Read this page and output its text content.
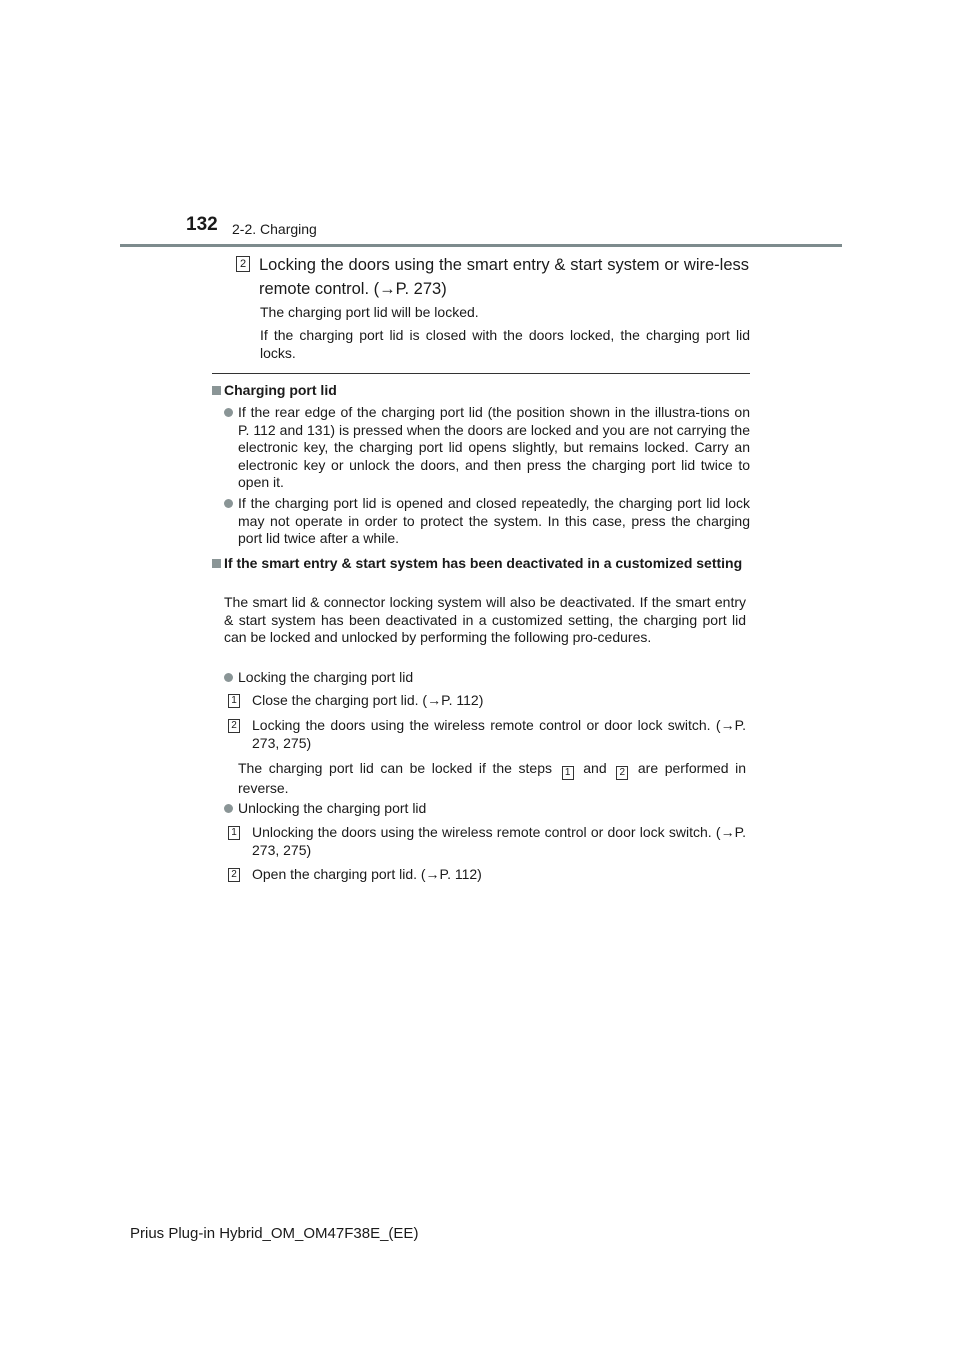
132 2-2. Charging
2 Locking the doors using the smart entry & start system or wire-less remote control. (→P. 273)
The charging port lid will be locked.
If the charging port lid is closed with the doors locked, the charging port lid locks.
Charging port lid
If the rear edge of the charging port lid (the position shown in the illustra-tions on P. 112 and 131) is pressed when the doors are locked and you are not carrying the electronic key, the charging port lid opens slightly, but remains locked. Carry an electronic key or unlock the doors, and then press the charging port lid twice to open it.
If the charging port lid is opened and closed repeatedly, the charging port lid lock may not operate in order to protect the system. In this case, press the charging port lid twice after a while.
If the smart entry & start system has been deactivated in a customized setting
The smart lid & connector locking system will also be deactivated. If the smart entry & start system has been deactivated in a customized setting, the charging port lid can be locked and unlocked by performing the following pro-cedures.
Locking the charging port lid
1 Close the charging port lid. (→P. 112)
2 Locking the doors using the wireless remote control or door lock switch. (→P. 273, 275)
The charging port lid can be locked if the steps 1 and 2 are performed in reverse.
Unlocking the charging port lid
1 Unlocking the doors using the wireless remote control or door lock switch. (→P. 273, 275)
2 Open the charging port lid. (→P. 112)
Prius Plug-in Hybrid_OM_OM47F38E_(EE)
